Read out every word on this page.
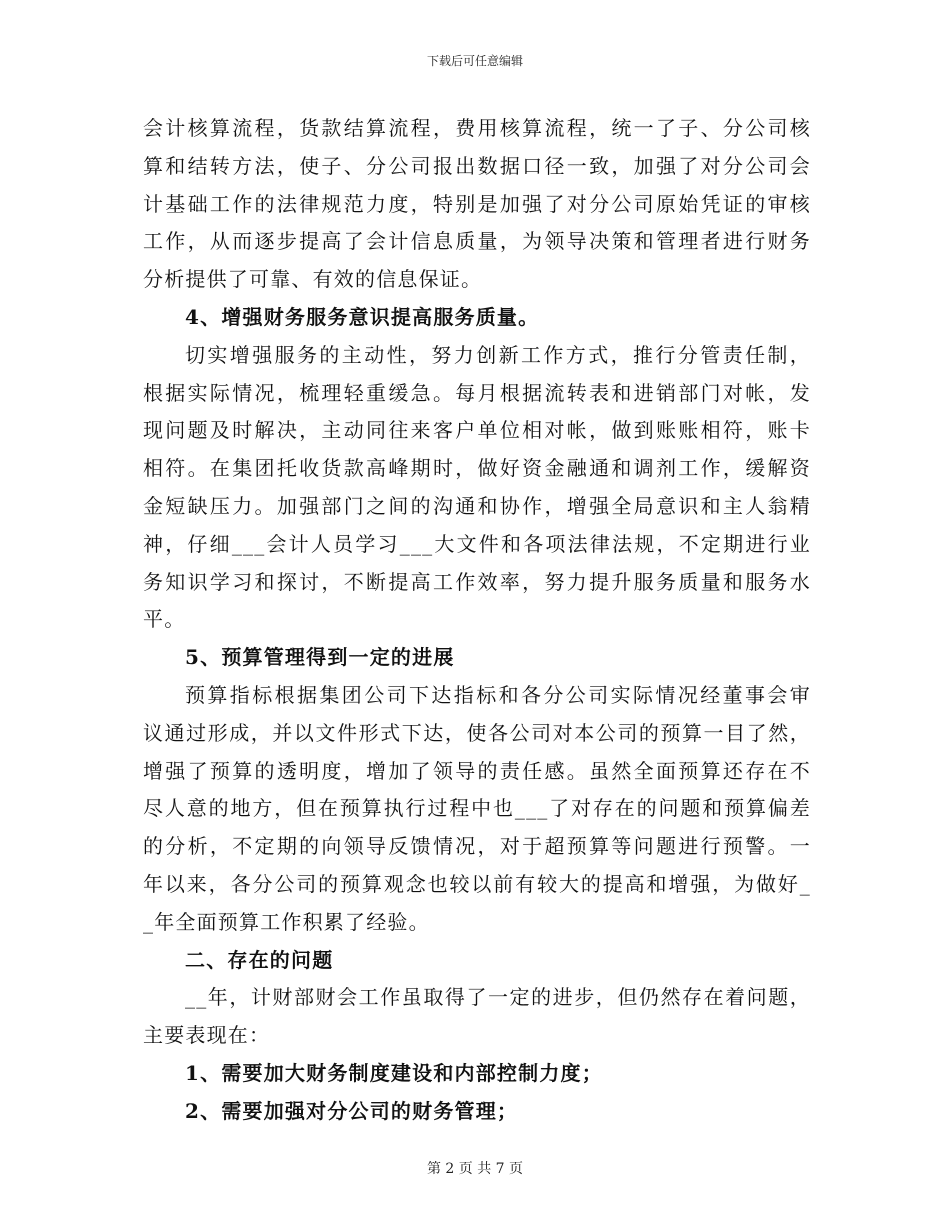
下载后可任意编辑
会计核算流程，货款结算流程，费用核算流程，统一了子、分公司核
算和结转方法，使子、分公司报出数据口径一致，加强了对分公司会
计基础工作的法律规范力度，特别是加强了对分公司原始凭证的审核
工作，从而逐步提高了会计信息质量，为领导决策和管理者进行财务
分析提供了可靠、有效的信息保证。
4、增强财务服务意识提高服务质量。
切实增强服务的主动性，努力创新工作方式，推行分管责任制，
根据实际情况，梳理轻重缓急。每月根据流转表和进销部门对帐，发
现问题及时解决，主动同往来客户单位相对帐，做到账账相符，账卡
相符。在集团托收货款高峰期时，做好资金融通和调剂工作，缓解资
金短缺压力。加强部门之间的沟通和协作，增强全局意识和主人翁精
神，仔细___会计人员学习___大文件和各项法律法规，不定期进行业
务知识学习和探讨，不断提高工作效率，努力提升服务质量和服务水
平。
5、预算管理得到一定的进展
预算指标根据集团公司下达指标和各分公司实际情况经董事会审
议通过形成，并以文件形式下达，使各公司对本公司的预算一目了然，
增强了预算的透明度，增加了领导的责任感。虽然全面预算还存在不
尽人意的地方，但在预算执行过程中也___了对存在的问题和预算偏差
的分析，不定期的向领导反馈情况，对于超预算等问题进行预警。一
年以来，各分公司的预算观念也较以前有较大的提高和增强，为做好_
_年全面预算工作积累了经验。
二、存在的问题
__年，计财部财会工作虽取得了一定的进步，但仍然存在着问题，
主要表现在：
1、需要加大财务制度建设和内部控制力度；
2、需要加强对分公司的财务管理；
第 2 页 共 7 页
